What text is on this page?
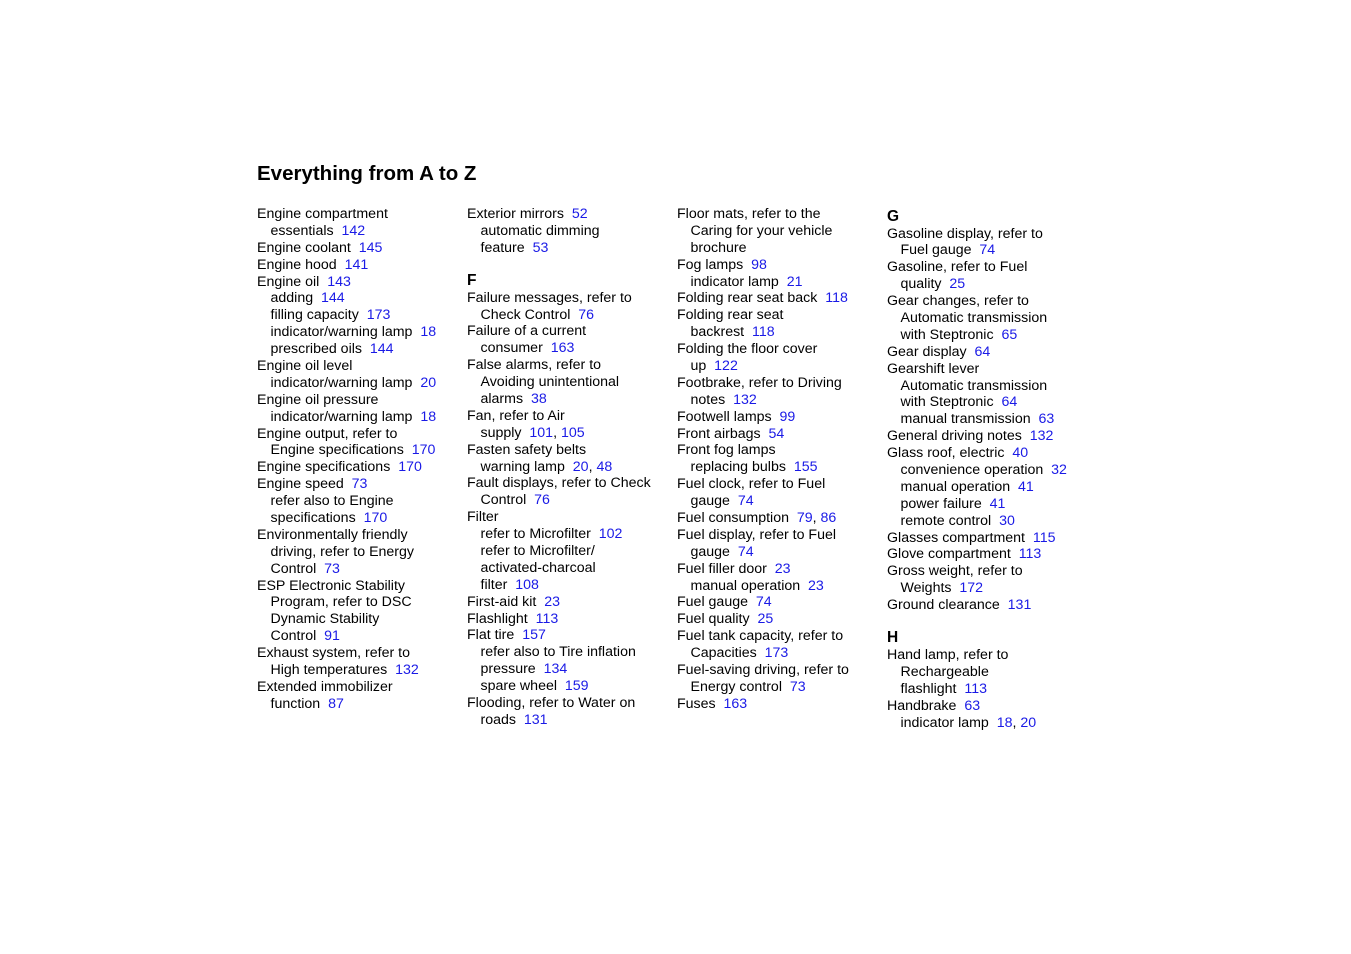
Everything from A to Z
Engine compartment
essentials 142
Engine coolant 145
Engine hood 141
Engine oil 143
adding 144
filling capacity 173
indicator/warning lamp 18
prescribed oils 144
Engine oil level
indicator/warning lamp 20
Engine oil pressure
indicator/warning lamp 18
Engine output, refer to
Engine specifications 170
Engine specifications 170
Engine speed 73
refer also to Engine
specifications 170
Environmentally friendly
driving, refer to Energy
Control 73
ESP Electronic Stability
Program, refer to DSC
Dynamic Stability
Control 91
Exhaust system, refer to
High temperatures 132
Extended immobilizer
function 87
Exterior mirrors 52
automatic dimming
feature 53
F
Failure messages, refer to
Check Control 76
Failure of a current
consumer 163
False alarms, refer to
Avoiding unintentional
alarms 38
Fan, refer to Air
supply 101, 105
Fasten safety belts
warning lamp 20, 48
Fault displays, refer to Check
Control 76
Filter
refer to Microfilter 102
refer to Microfilter/
activated-charcoal
filter 108
First-aid kit 23
Flashlight 113
Flat tire 157
refer also to Tire inflation
pressure 134
spare wheel 159
Flooding, refer to Water on
roads 131
Floor mats, refer to the
Caring for your vehicle
brochure
Fog lamps 98
indicator lamp 21
Folding rear seat back 118
Folding rear seat
backrest 118
Folding the floor cover
up 122
Footbrake, refer to Driving
notes 132
Footwell lamps 99
Front airbags 54
Front fog lamps
replacing bulbs 155
Fuel clock, refer to Fuel
gauge 74
Fuel consumption 79, 86
Fuel display, refer to Fuel
gauge 74
Fuel filler door 23
manual operation 23
Fuel gauge 74
Fuel quality 25
Fuel tank capacity, refer to
Capacities 173
Fuel-saving driving, refer to
Energy control 73
Fuses 163
G
Gasoline display, refer to
Fuel gauge 74
Gasoline, refer to Fuel
quality 25
Gear changes, refer to
Automatic transmission
with Steptronic 65
Gear display 64
Gearshift lever
Automatic transmission
with Steptronic 64
manual transmission 63
General driving notes 132
Glass roof, electric 40
convenience operation 32
manual operation 41
power failure 41
remote control 30
Glasses compartment 115
Glove compartment 113
Gross weight, refer to
Weights 172
Ground clearance 131
H
Hand lamp, refer to
Rechargeable
flashlight 113
Handbrake 63
indicator lamp 18, 20
